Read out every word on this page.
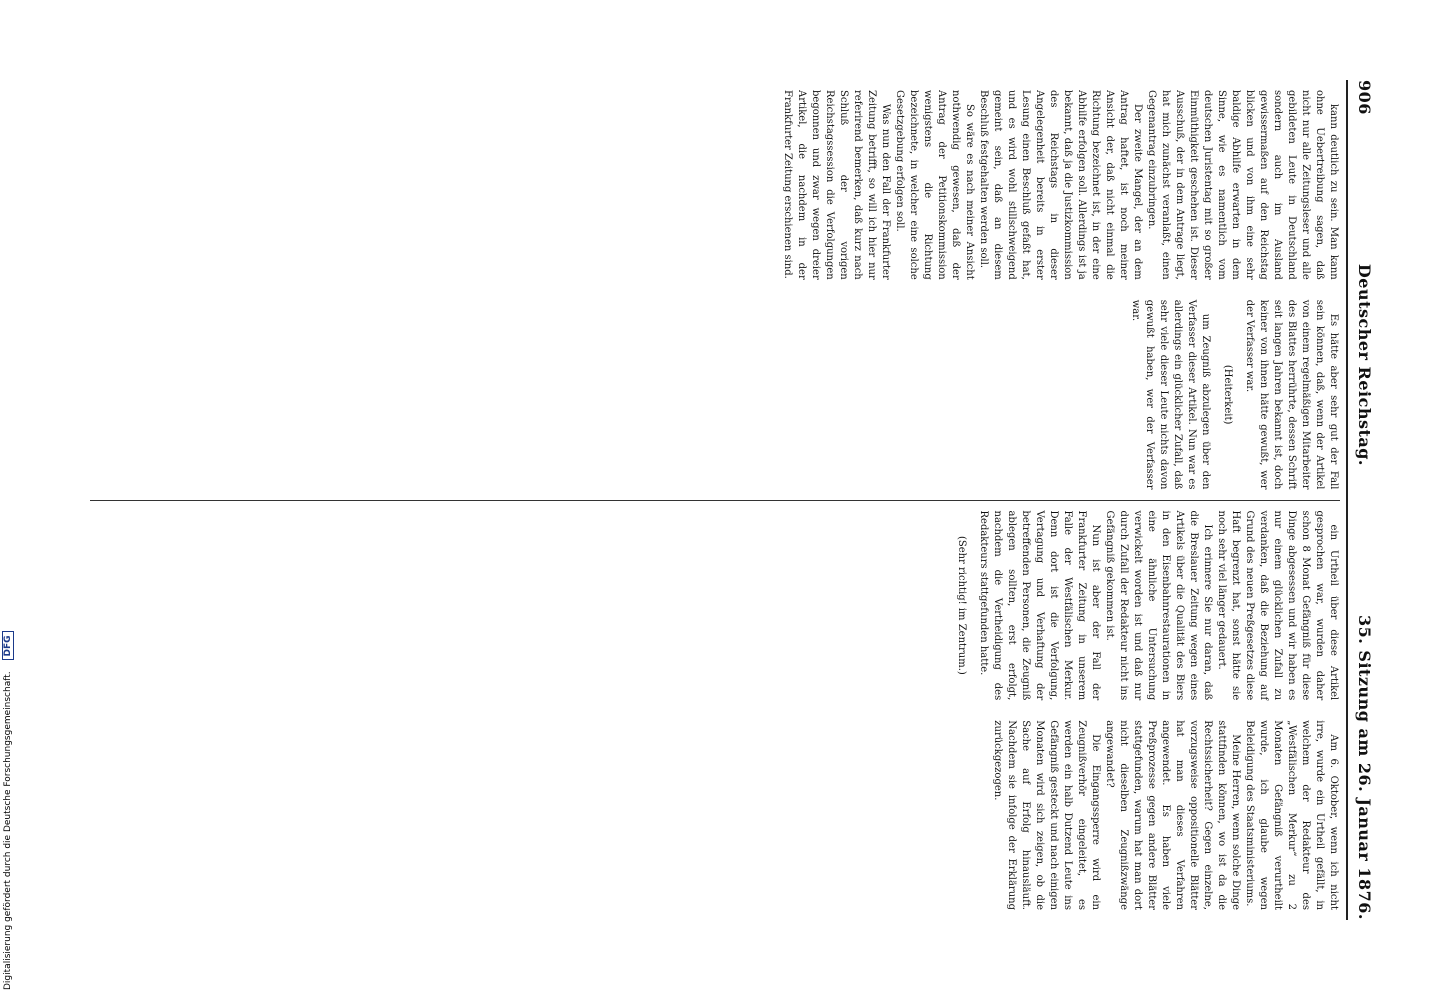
Digitalisierung gefördert durch die Deutsche Forschungsgemeinschaft. DFG
906
Deutscher Reichstag.
35. Sitzung am 26. Januar 1876.

kann deutlich zu sein. Man kann ohne Uebertreibung sagen, daß nicht nur alle Zeitungsleser und alle gebildeten Leute in Deutschland sondern auch im Ausland gewissermaßen auf den Reichstag blicken und von ihm eine sehr baldige Abhilfe erwarten in dem Sinne, wie es namentlich vom deutschen Juristentag mit so großer Einmüthigkeit geschehen ist. Dieser Ausschuß, der in dem Antrage liegt, hat mich zunächst veranlaßt, einen Gegenantrag einzubringen.

Der zweite Mangel, der an dem Antrag haftet, ist noch meiner Ansicht der, daß nicht einmal die Richtung bezeichnet ist, in der eine Abhilfe erfolgen soll. Allerdings ist ja bekannt, daß ja die Justizkommission des Reichstags in dieser Angelegenheit bereits in erster Lesung einen Beschluß gefaßt hat, und es wird wohl stillschweigend gemeint sein, daß an diesem Beschluß festgehalten werden soll.

So wäre es nach meiner Ansicht nothwendig gewesen, daß der Antrag der Petitionskommission wenigstens die Richtung bezeichnete, in welcher eine solche Gesetzgebung erfolgen soll.

Was nun den Fall der Frankfurter Zeitung betrifft, so will ich hier nur referirend bemerken, daß kurz nach Schluß der vorigen Reichstagssession die Verfolgungen begonnen und zwar wegen dreier Artikel, die nachdem in der Frankfurter Zeitung erschienen sind.

Es hätte aber sehr gut der Fall sein können, daß, wenn der Artikel von einem regelmäßigen Mitarbeiter des Blattes herrührte, dessen Schrift seit langen Jahren bekannt ist, doch keiner von ihnen hätte gewußt, wer der Verfasser war.

(Heiterkeit)

um Zeugniß abzulegen über den Verfasser dieser Artikel. Nun war es allerdings ein glücklicher Zufall, daß sehr viele dieser Leute nichts davon gewußt haben, wer der Verfasser war.

ein Urtheil über diese Artikel gesprochen war, wurden daher schon 8 Monat Gefängniß für diese Dinge abgesessen und wir haben es nur einem glücklichen Zufall zu verdanken, daß die Beziehung auf Grund des neuen Preßgesetzes diese Haft begrenzt hat, sonst hätte sie noch sehr viel länger gedauert.

Ich erinnere Sie nur daran, daß die Breslauer Zeitung wegen eines Artikels über die Qualität des Biers in den Eisenbahnrestaurationen in eine ähnliche Untersuchung verwickelt worden ist und daß nur durch Zufall der Redakteur nicht ins Gefängniß gekommen ist.

Nun ist aber der Fall der Frankfurter Zeitung in unserem Falle der Westfälischen Merkur. Denn dort ist die Verfolgung, Vertagung und Verhaftung der betreffenden Personen, die Zeugniß ablegen sollten, erst erfolgt, nachdem die Vertheidigung des Redakteurs stattgefunden hatte.

(Sehr richtig! im Zentrum.)

Am 6. Oktober, wenn ich nicht irre, wurde ein Urtheil gefällt, in welchem der Redakteur des „Westfälischen Merkur“ zu 2 Monaten Gefängniß verurtheilt wurde, ich glaube wegen Beleidigung des Staatsministeriums.

Meine Herren, wenn solche Dinge stattfinden können, wo ist da die Rechtssicherheit? Gegen einzelne, vorzugsweise oppositionelle Blätter hat man dieses Verfahren angewendet. Es haben viele Preßprozesse gegen andere Blätter stattgefunden, warum hat man dort nicht dieselben Zeugnißzwänge angewandet?

Die Eingangssperre wird ein Zeugnißverhör eingeleitet, es werden ein halb Dutzend Leute ins Gefängniß gesteckt und nach einigen Monaten wird sich zeigen, ob die Sache auf Erfolg hinausläuft. Nachdem sie infolge der Erklärung zurückgezogen.
